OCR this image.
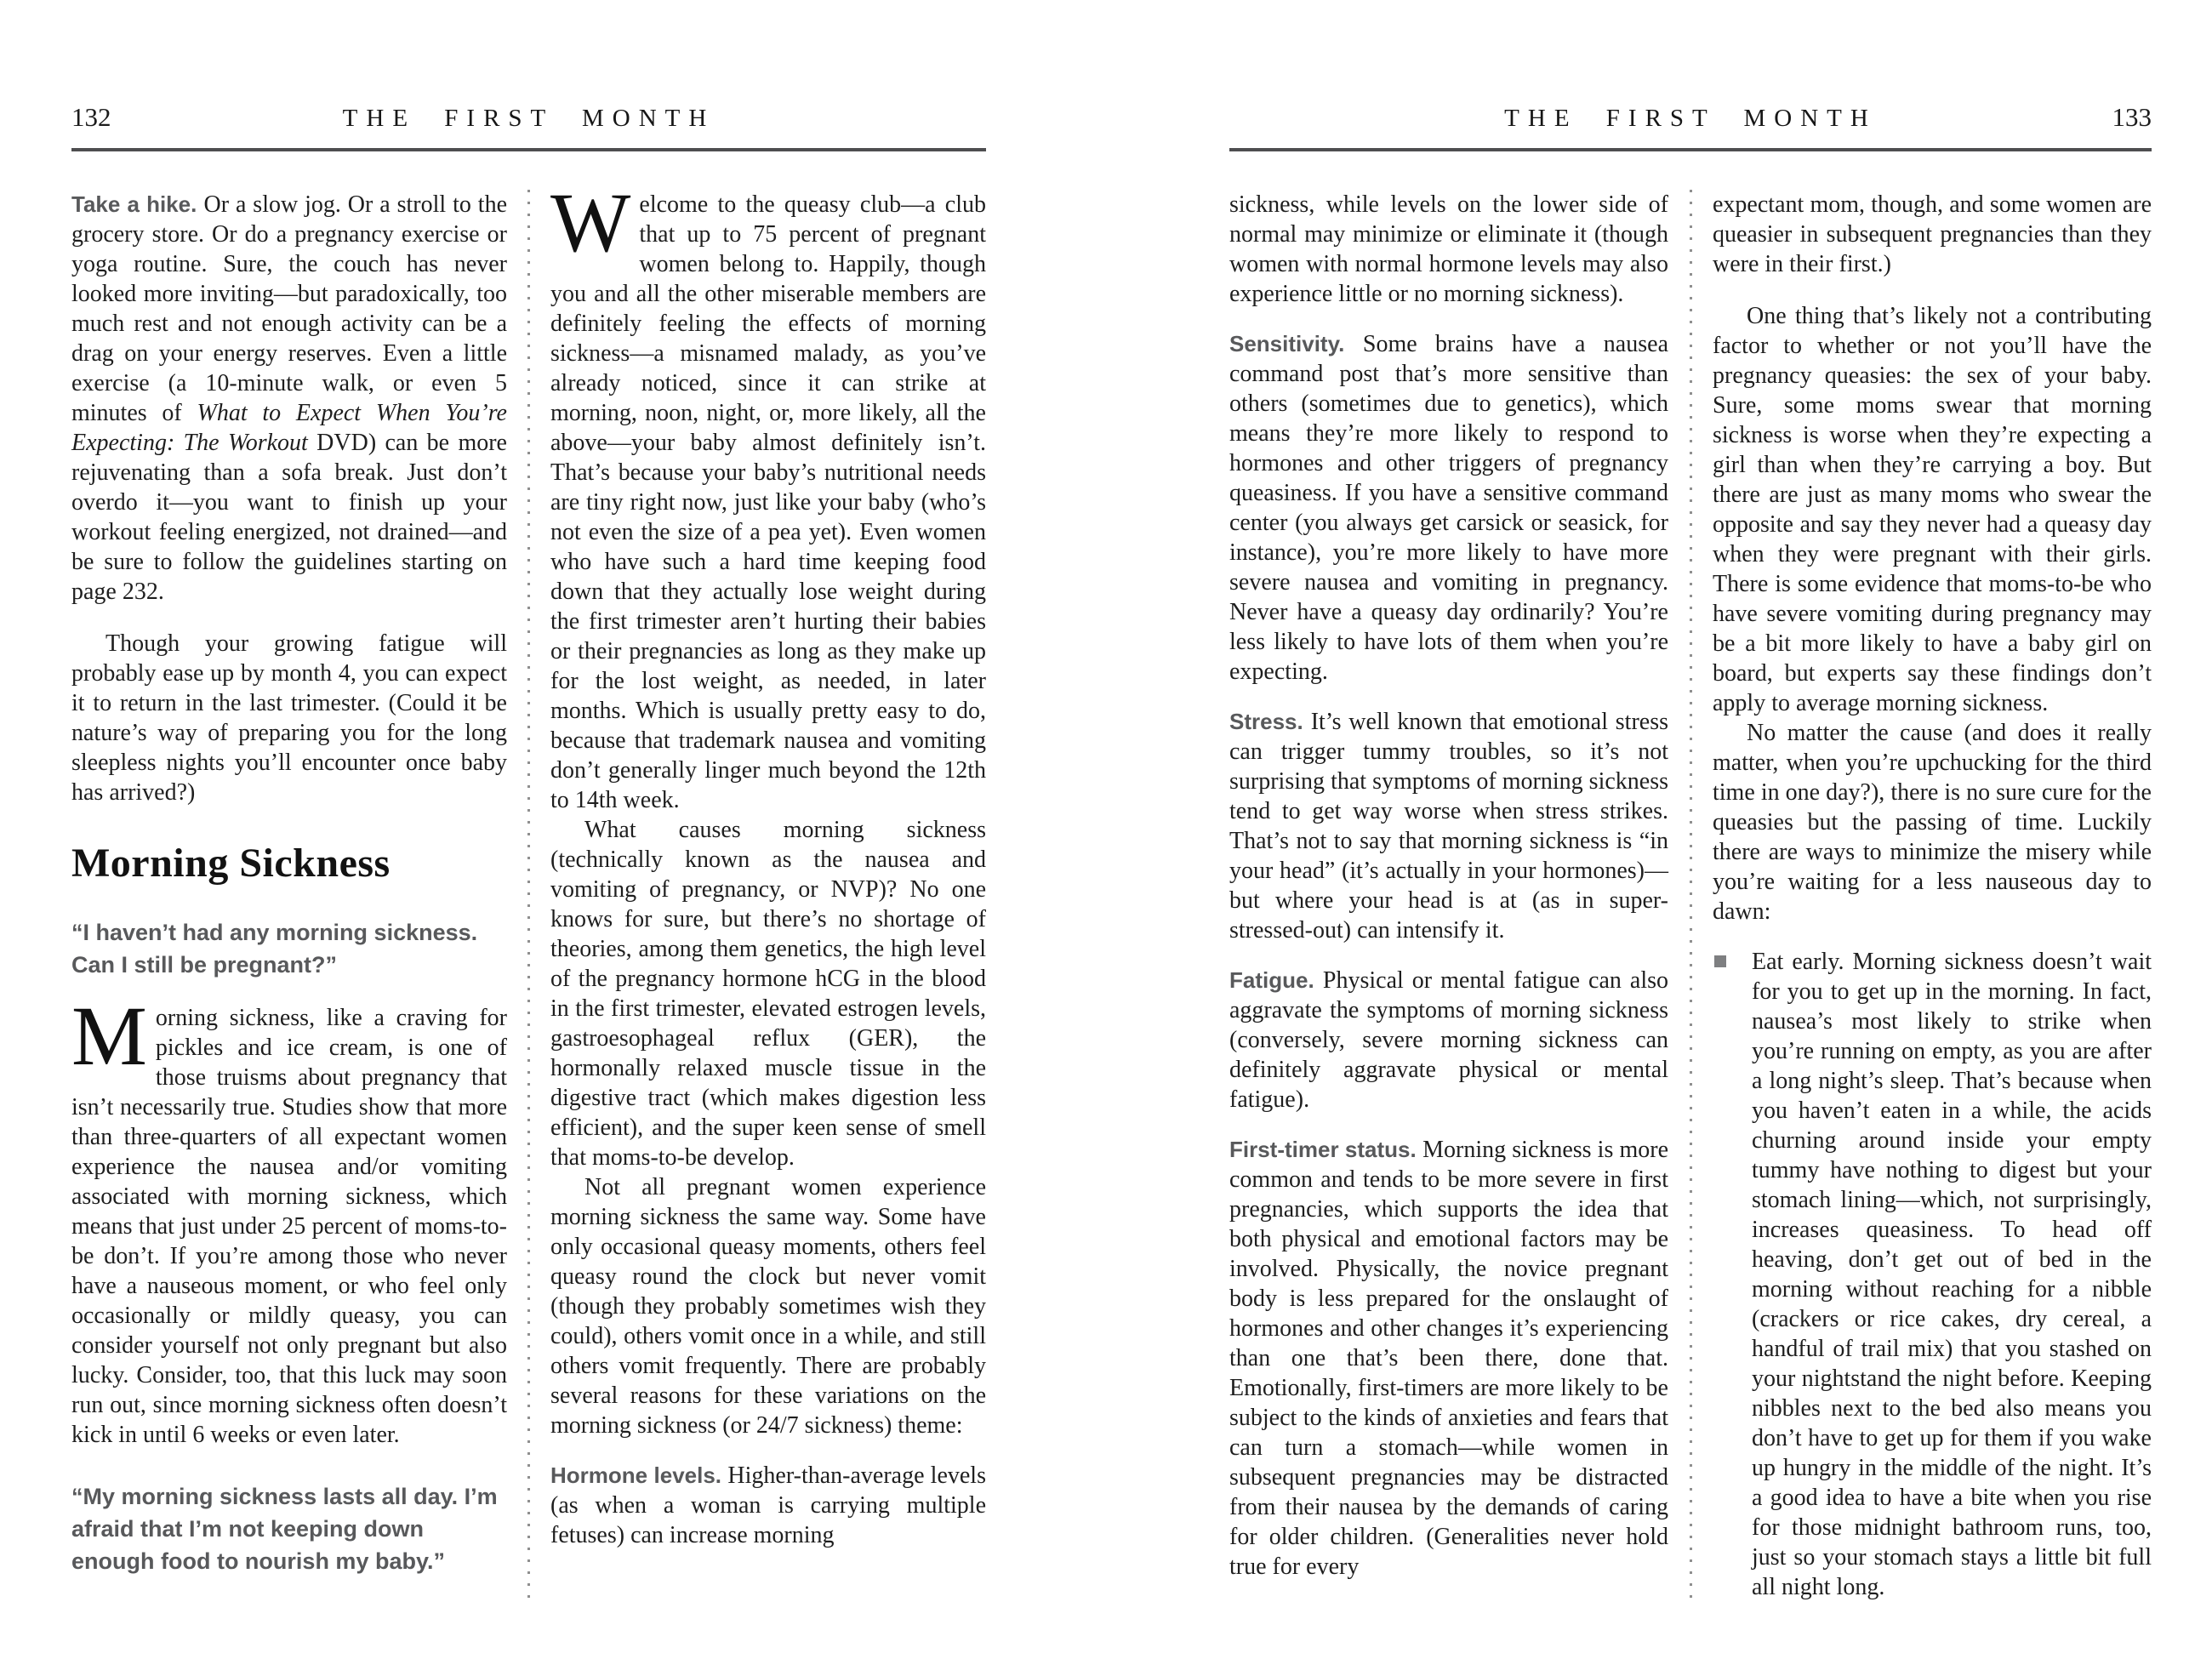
132	THE FIRST MONTH

Take a hike. Or a slow jog. Or a stroll to the grocery store. Or do a pregnancy exercise or yoga routine. Sure, the couch has never looked more inviting—but paradoxically, too much rest and not enough activity can be a drag on your energy reserves. Even a little exercise (a 10-minute walk, or even 5 minutes of What to Expect When You’re Expecting: The Workout DVD) can be more rejuvenating than a sofa break. Just don’t overdo it—you want to finish up your workout feeling energized, not drained—and be sure to follow the guidelines starting on page 232.

Though your growing fatigue will probably ease up by month 4, you can expect it to return in the last trimester. (Could it be nature’s way of preparing you for the long sleepless nights you’ll encounter once baby has arrived?)

Morning Sickness

“I haven’t had any morning sickness. Can I still be pregnant?”

Morning sickness, like a craving for pickles and ice cream, is one of those truisms about pregnancy that isn’t necessarily true. Studies show that more than three-quarters of all expectant women experience the nausea and/or vomiting associated with morning sickness, which means that just under 25 percent of moms-to-be don’t. If you’re among those who never have a nauseous moment, or who feel only occasionally or mildly queasy, you can consider yourself not only pregnant but also lucky. Consider, too, that this luck may soon run out, since morning sickness often doesn’t kick in until 6 weeks or even later.

“My morning sickness lasts all day. I’m afraid that I’m not keeping down enough food to nourish my baby.”

Welcome to the queasy club—a club that up to 75 percent of pregnant women belong to. Happily, though you and all the other miserable members are definitely feeling the effects of morning sickness—a misnamed malady, as you’ve already noticed, since it can strike at morning, noon, night, or, more likely, all the above—your baby almost definitely isn’t. That’s because your baby’s nutritional needs are tiny right now, just like your baby (who’s not even the size of a pea yet). Even women who have such a hard time keeping food down that they actually lose weight during the first trimester aren’t hurting their babies or their pregnancies as long as they make up for the lost weight, as needed, in later months. Which is usually pretty easy to do, because that trademark nausea and vomiting don’t generally linger much beyond the 12th to 14th week.

What causes morning sickness (technically known as the nausea and vomiting of pregnancy, or NVP)? No one knows for sure, but there’s no shortage of theories, among them genetics, the high level of the pregnancy hormone hCG in the blood in the first trimester, elevated estrogen levels, gastroesophageal reflux (GER), the hormonally relaxed muscle tissue in the digestive tract (which makes digestion less efficient), and the super keen sense of smell that moms-to-be develop.

Not all pregnant women experience morning sickness the same way. Some have only occasional queasy moments, others feel queasy round the clock but never vomit (though they probably sometimes wish they could), others vomit once in a while, and still others vomit frequently. There are probably several reasons for these variations on the morning sickness (or 24/7 sickness) theme:

Hormone levels. Higher-than-average levels (as when a woman is carrying multiple fetuses) can increase morning

133
THE FIRST MONTH

sickness, while levels on the lower side of normal may minimize or eliminate it (though women with normal hormone levels may also experience little or no morning sickness).

Sensitivity. Some brains have a nausea command post that’s more sensitive than others (sometimes due to genetics), which means they’re more likely to respond to hormones and other triggers of pregnancy queasiness. If you have a sensitive command center (you always get carsick or seasick, for instance), you’re more likely to have more severe nausea and vomiting in pregnancy. Never have a queasy day ordinarily? You’re less likely to have lots of them when you’re expecting.

Stress. It’s well known that emotional stress can trigger tummy troubles, so it’s not surprising that symptoms of morning sickness tend to get way worse when stress strikes. That’s not to say that morning sickness is “in your head” (it’s actually in your hormones)—but where your head is at (as in super-stressed-out) can intensify it.

Fatigue. Physical or mental fatigue can also aggravate the symptoms of morning sickness (conversely, severe morning sickness can definitely aggravate physical or mental fatigue).

First-timer status. Morning sickness is more common and tends to be more severe in first pregnancies, which supports the idea that both physical and emotional factors may be involved. Physically, the novice pregnant body is less prepared for the onslaught of hormones and other changes it’s experiencing than one that’s been there, done that. Emotionally, first-timers are more likely to be subject to the kinds of anxieties and fears that can turn a stomach—while women in subsequent pregnancies may be distracted from their nausea by the demands of caring for older children. (Generalities never hold true for every

expectant mom, though, and some women are queasier in subsequent pregnancies than they were in their first.)

One thing that’s likely not a contributing factor to whether or not you’ll have the pregnancy queasies: the sex of your baby. Sure, some moms swear that morning sickness is worse when they’re expecting a girl than when they’re carrying a boy. But there are just as many moms who swear the opposite and say they never had a queasy day when they were pregnant with their girls. There is some evidence that moms-to-be who have severe vomiting during pregnancy may be a bit more likely to have a baby girl on board, but experts say these findings don’t apply to average morning sickness.

No matter the cause (and does it really matter, when you’re upchucking for the third time in one day?), there is no sure cure for the queasies but the passing of time. Luckily there are ways to minimize the misery while you’re waiting for a less nauseous day to dawn:

Eat early. Morning sickness doesn’t wait for you to get up in the morning. In fact, nausea’s most likely to strike when you’re running on empty, as you are after a long night’s sleep. That’s because when you haven’t eaten in a while, the acids churning around inside your empty tummy have nothing to digest but your stomach lining—which, not surprisingly, increases queasiness. To head off heaving, don’t get out of bed in the morning without reaching for a nibble (crackers or rice cakes, dry cereal, a handful of trail mix) that you stashed on your nightstand the night before. Keeping nibbles next to the bed also means you don’t have to get up for them if you wake up hungry in the middle of the night. It’s a good idea to have a bite when you rise for those midnight bathroom runs, too, just so your stomach stays a little bit full all night long.
